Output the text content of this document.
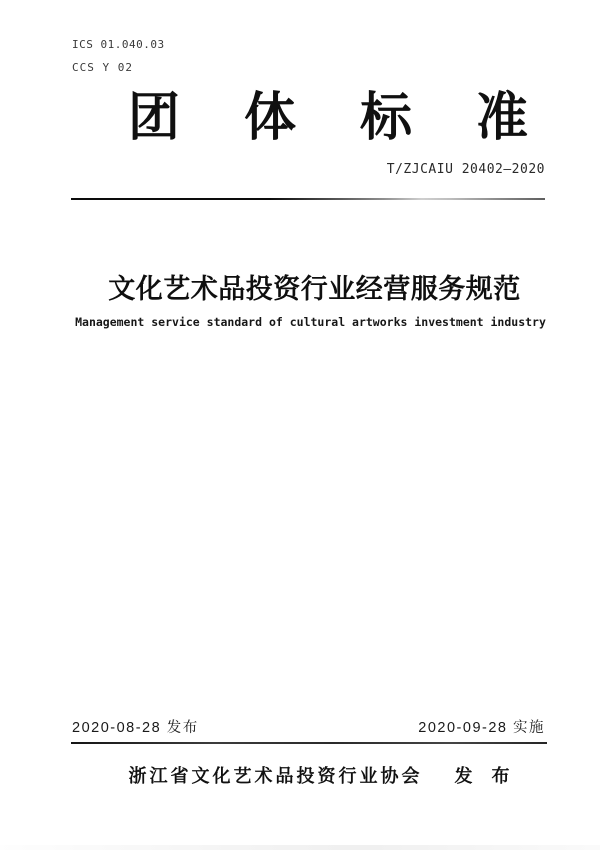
ICS 01.040.03
CCS Y 02
团体标准
T/ZJCAIU 20402—2020
文化艺术品投资行业经营服务规范
Management service standard of cultural artworks investment industry
2020-08-28 发布	2020-09-28 实施
浙江省文化艺术品投资行业协会 发 布
